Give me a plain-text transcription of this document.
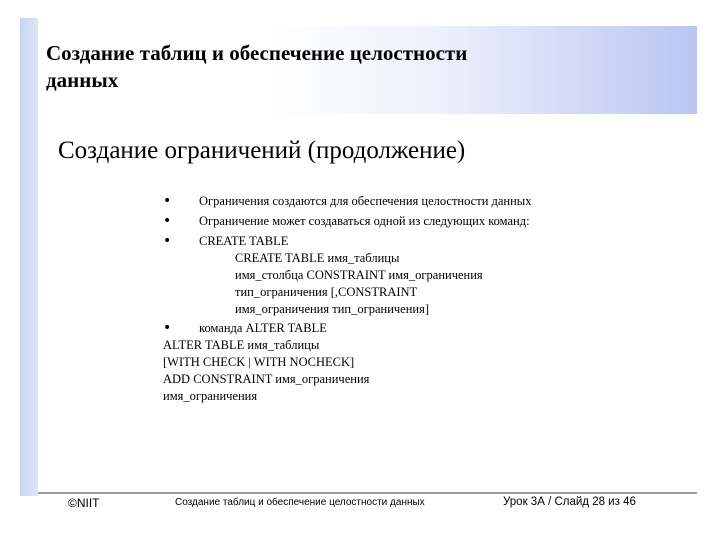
Создание таблиц и обеспечение целостности
данных
Создание ограничений (продолжение)
• Ограничения создаются для обеспечения целостности данных
• Ограничение может создаваться одной из следующих команд:
• CREATE TABLE
CREATE TABLE имя_таблицы
имя_столбца CONSTRAINT имя_ограничения
тип_ограничения [,CONSTRAINT
имя_ограничения тип_ограничения]
• команда ALTER TABLE
ALTER TABLE имя_таблицы
[WITH CHECK | WITH NOCHECK]
ADD CONSTRAINT имя_ограничения
имя_ограничения
©NIIT	Создание таблиц и обеспечение целостности данных	Урок 3А / Слайд 28 из 46
